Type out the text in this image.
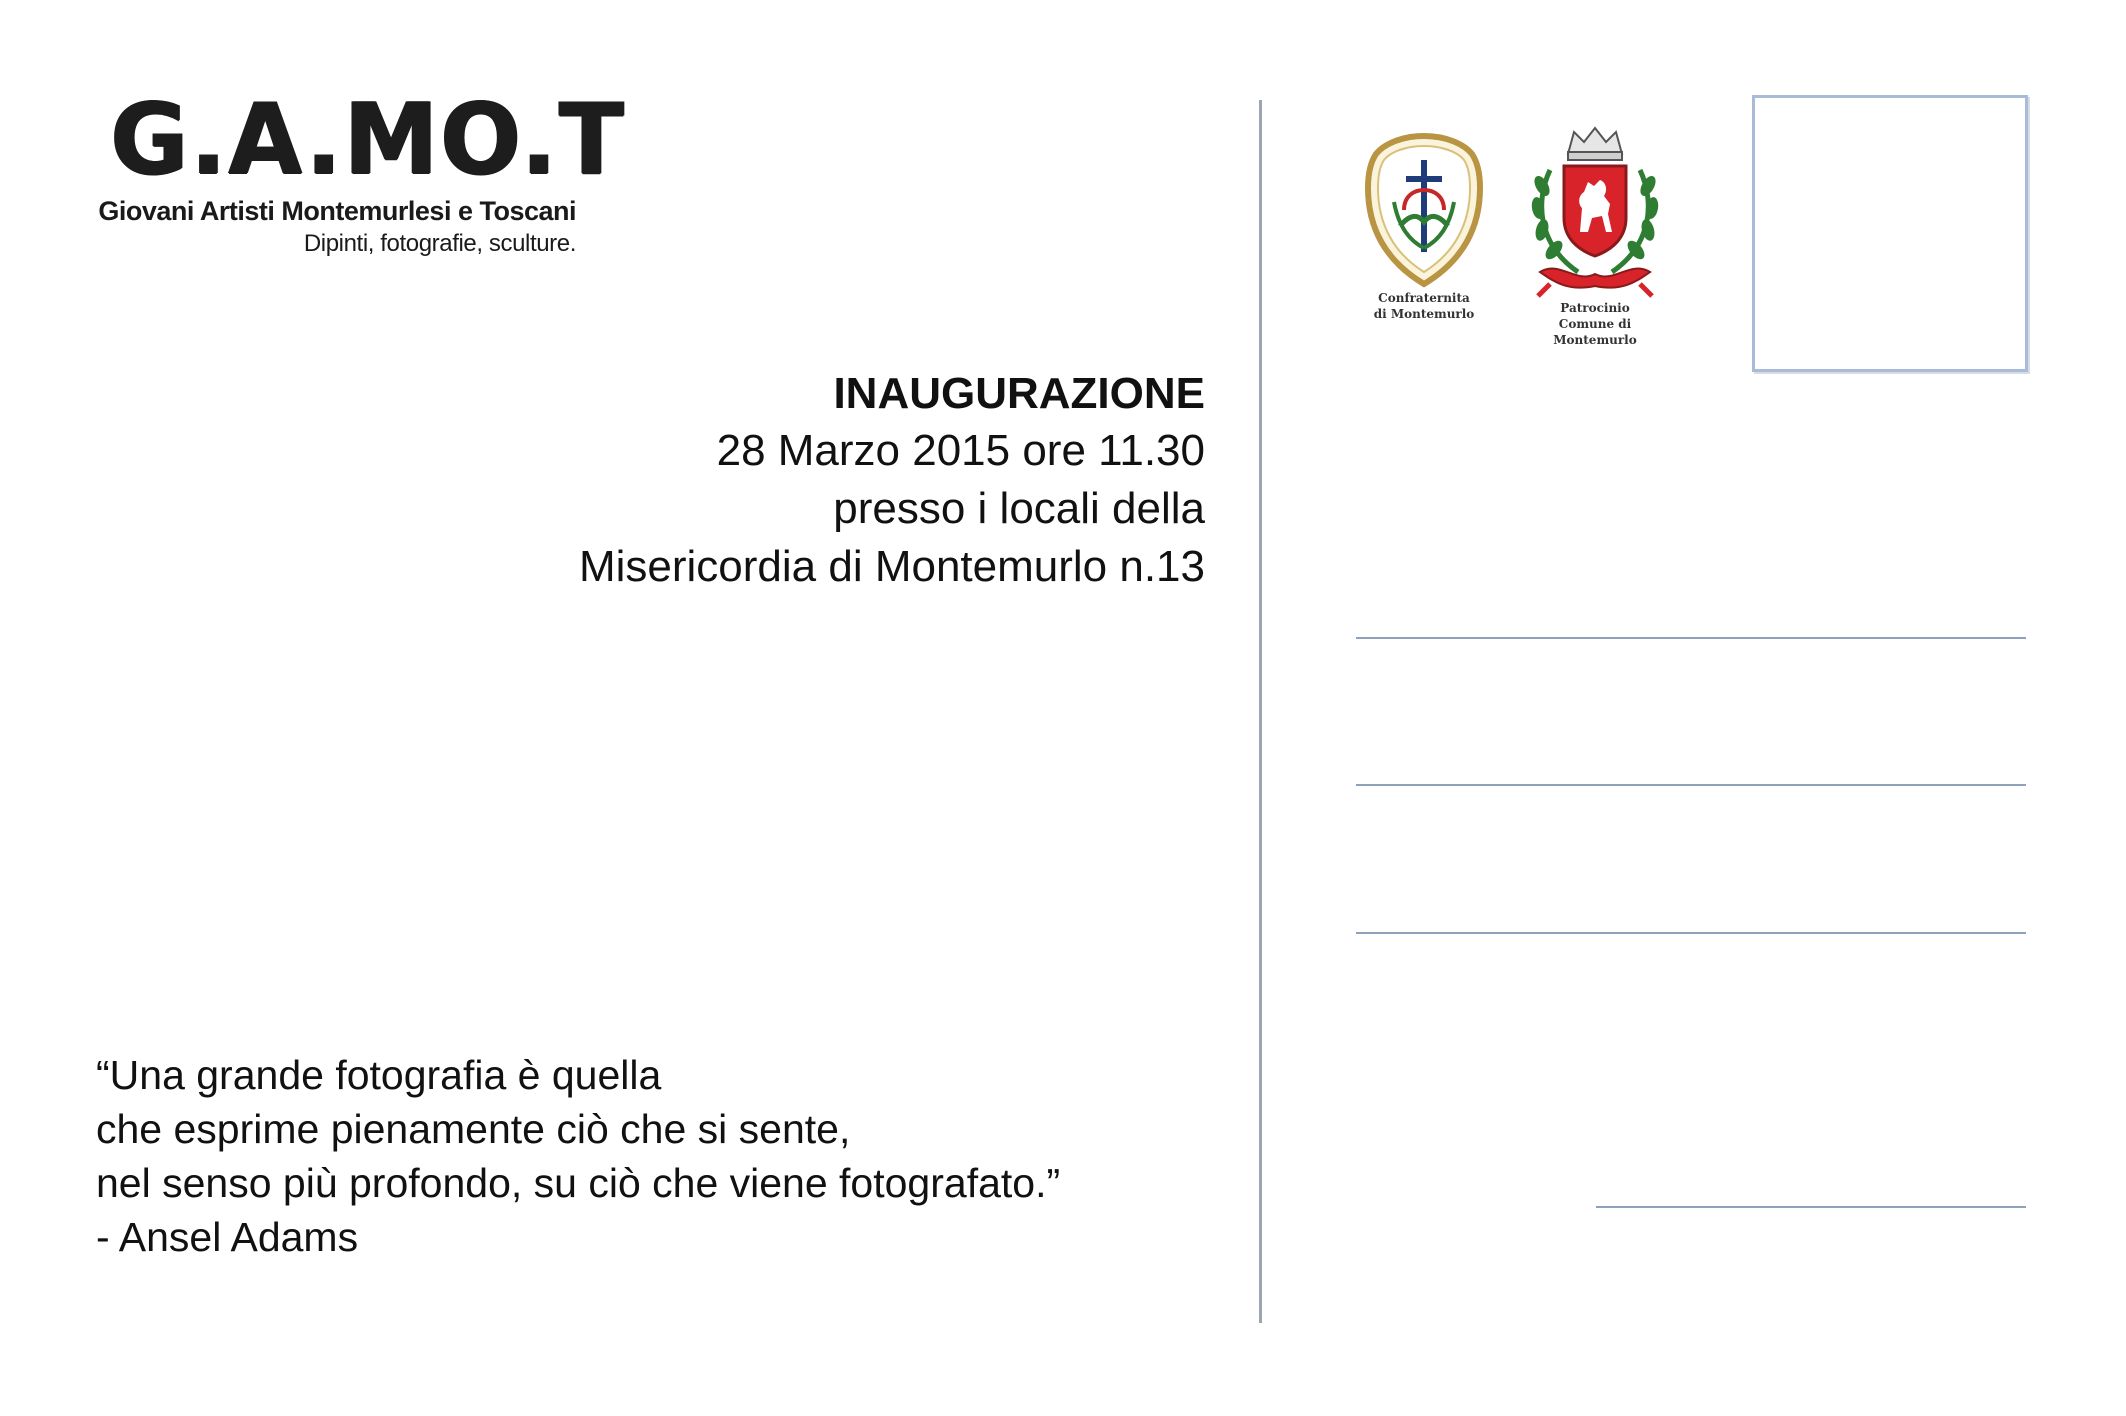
G.A.MO.T
Giovani Artisti Montemurlesi e Toscani
Dipinti, fotografie, sculture.
INAUGURAZIONE
28 Marzo 2015 ore 11.30
presso i locali della
Misericordia di Montemurlo n.13
“Una grande fotografia è quella
che esprime pienamente ciò che si sente,
nel senso più profondo, su ciò che viene fotografato.”
- Ansel Adams
Confraternita
di Montemurlo	Patrocinio
Comune di
Montemurlo
